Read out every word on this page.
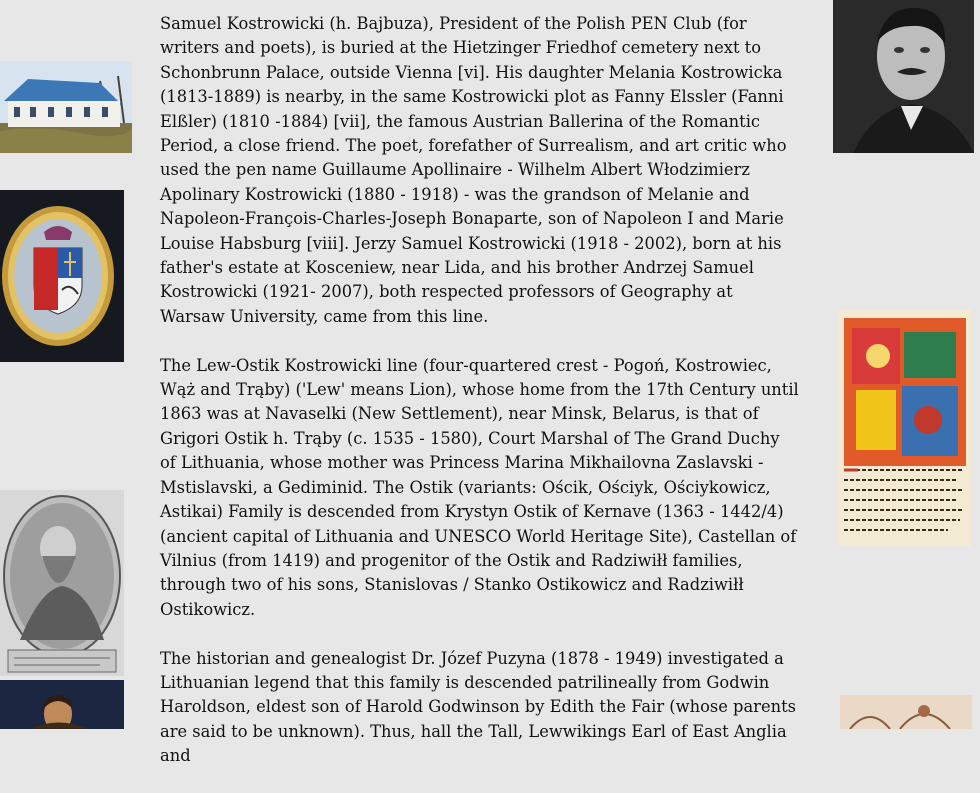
Samuel Kostrowicki (h. Bajbuza), President of the Polish PEN Club (for writers and poets), is buried at the Hietzinger Friedhof cemetery next to Schonbrunn Palace, outside Vienna [vi]. His daughter Melania Kostrowicka (1813-1889) is nearby, in the same Kostrowicki plot as Fanny Elssler (Fanni Elßler) (1810 -1884) [vii], the famous Austrian Ballerina of the Romantic Period, a close friend. The poet, forefather of Surrealism, and art critic who used the pen name Guillaume Apollinaire - Wilhelm Albert Włodzimierz Apolinary Kostrowicki (1880 - 1918) - was the grandson of Melanie and Napoleon-François-Charles-Joseph Bonaparte, son of Napoleon I and Marie Louise Habsburg [viii]. Jerzy Samuel Kostrowicki (1918 - 2002), born at his father's estate at Kosceniew, near Lida, and his brother Andrzej Samuel Kostrowicki (1921- 2007), both respected professors of Geography at Warsaw University, came from this line.

The Lew-Ostik Kostrowicki line (four-quartered crest - Pogoń, Kostrowiec, Wąż and Trąby) ('Lew' means Lion), whose home from the 17th Century until 1863 was at Navaselki (New Settlement), near Minsk, Belarus, is that of Grigori Ostik h. Trąby (c. 1535 - 1580), Court Marshal of The Grand Duchy of Lithuania, whose mother was Princess Marina Mikhailovna Zaslavski - Mstislavski, a Gediminid. The Ostik (variants: Ościk, Ościyk, Ościykowicz, Astikai) Family is descended from Krystyn Ostik of Kernave (1363 - 1442/4) (ancient capital of Lithuania and UNESCO World Heritage Site), Castellan of Vilnius (from 1419) and progenitor of the Ostik and Radziwiłł families, through two of his sons, Stanislovas / Stanko Ostikowicz and Radziwiłł Ostikowicz.

The historian and genealogist Dr. Józef Puzyna (1878 - 1949) investigated a Lithuanian legend that this family is descended patrilineally from Godwin Haroldson, eldest son of Harold Godwinson by Edith the Fair (whose parents are said to be unknown). Thus, hall the Tall, Lewwikings Earl of East Anglia and
